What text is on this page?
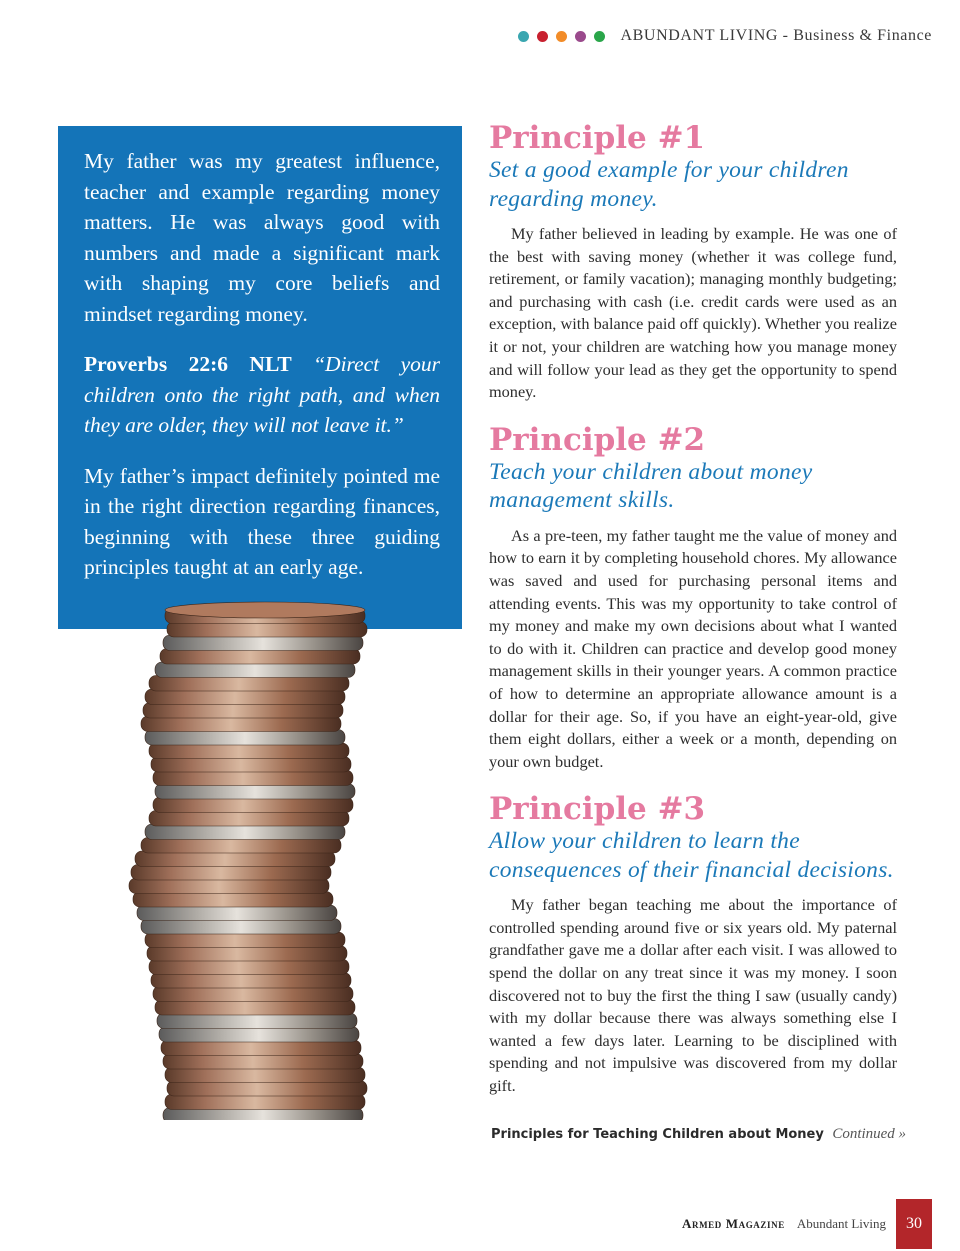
ABUNDANT LIVING - Business & Finance

My father was my greatest influence, teacher and example regarding money matters. He was always good with numbers and made a significant mark with shaping my core beliefs and mindset regarding money.

Proverbs 22:6 NLT “Direct your children onto the right path, and when they are older, they will not leave it.”

My father’s impact definitely pointed me in the right direction regarding finances, beginning with these three guiding principles taught at an early age.

Principle #1

Set a good example for your children regarding money.

My father believed in leading by example. He was one of the best with saving money (whether it was college fund, retirement, or family vacation); managing monthly budgeting; and purchasing with cash (i.e. credit cards were used as an exception, with balance paid off quickly). Whether you realize it or not, your children are watching how you manage money and will follow your lead as they get the opportunity to spend money.

Principle #2

Teach your children about money management skills.

As a pre-teen, my father taught me the value of money and how to earn it by completing household chores. My allowance was saved and used for purchasing personal items and attending events. This was my opportunity to take control of my money and make my own decisions about what I wanted to do with it. Children can practice and develop good money management skills in their younger years. A common practice of how to determine an appropriate allowance amount is a dollar for their age. So, if you have an eight-year-old, give them eight dollars, either a week or a month, depending on your own budget.

Principle #3

Allow your children to learn the consequences of their financial decisions.

My father began teaching me about the importance of controlled spending around five or six years old. My paternal grandfather gave me a dollar after each visit. I was allowed to spend the dollar on any treat since it was my money. I soon discovered not to buy the first the thing I saw (usually candy) with my dollar because there was always something else I wanted a few days later. Learning to be disciplined with spending and not impulsive was discovered from my dollar gift.

Principles for Teaching Children about Money Continued »
Armed Magazine Abundant Living	30
